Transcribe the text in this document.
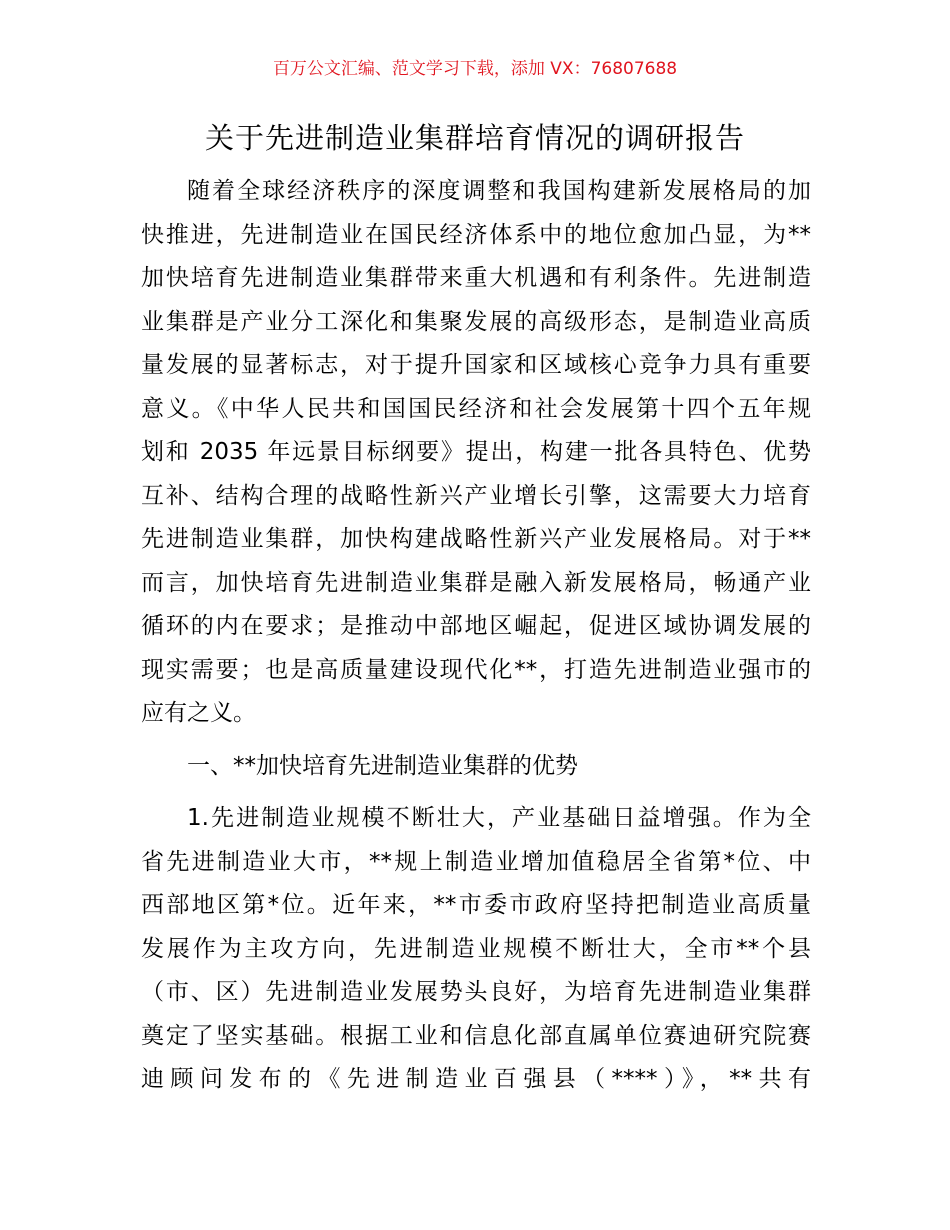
百万公文汇编、范文学习下载，添加 VX：76807688
关于先进制造业集群培育情况的调研报告
随着全球经济秩序的深度调整和我国构建新发展格局的加
快推进，先进制造业在国民经济体系中的地位愈加凸显，为**
加快培育先进制造业集群带来重大机遇和有利条件。先进制造
业集群是产业分工深化和集聚发展的高级形态，是制造业高质
量发展的显著标志，对于提升国家和区域核心竞争力具有重要
意义。《中华人民共和国国民经济和社会发展第十四个五年规
划和 2035 年远景目标纲要》提出，构建一批各具特色、优势
互补、结构合理的战略性新兴产业增长引擎，这需要大力培育
先进制造业集群，加快构建战略性新兴产业发展格局。对于**
而言，加快培育先进制造业集群是融入新发展格局，畅通产业
循环的内在要求；是推动中部地区崛起，促进区域协调发展的
现实需要；也是高质量建设现代化**，打造先进制造业强市的
应有之义。
一、**加快培育先进制造业集群的优势
1.先进制造业规模不断壮大，产业基础日益增强。作为全
省先进制造业大市，**规上制造业增加值稳居全省第*位、中
西部地区第*位。近年来，**市委市政府坚持把制造业高质量
发展作为主攻方向，先进制造业规模不断壮大，全市**个县
（市、区）先进制造业发展势头良好，为培育先进制造业集群
奠定了坚实基础。根据工业和信息化部直属单位赛迪研究院赛
迪顾问发布的《先进制造业百强县（****）》，**共有
